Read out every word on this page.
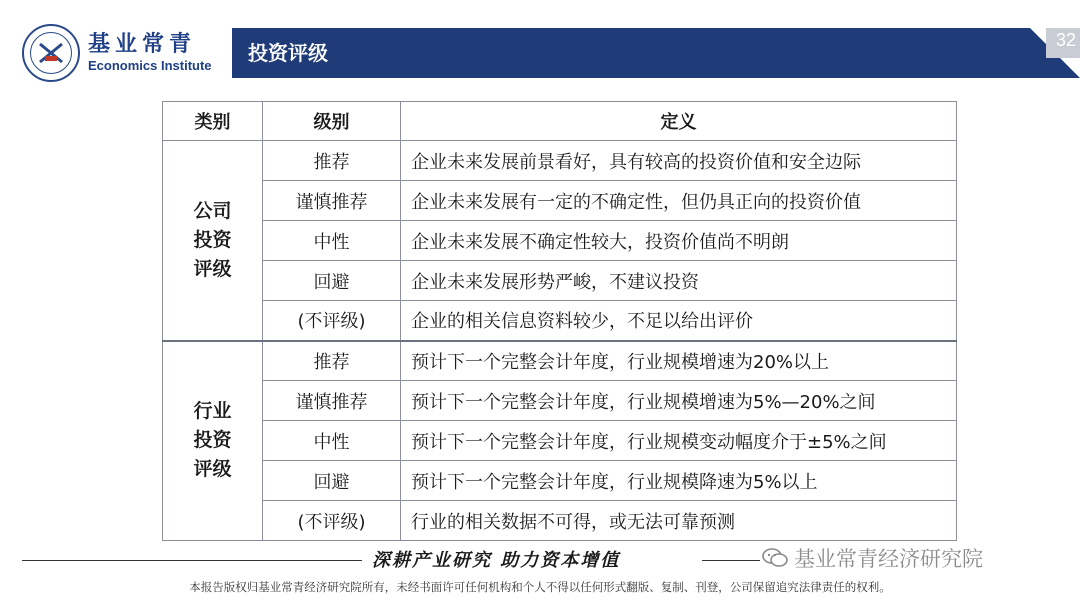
基业常青
Economics Institute
投资评级
32
类别	级别	定义

公司
投资
评级	推荐	企业未来发展前景看好，具有较高的投资价值和安全边际
	谨慎推荐	企业未来发展有一定的不确定性，但仍具正向的投资价值
	中性	企业未来发展不确定性较大，投资价值尚不明朗
	回避	企业未来发展形势严峻，不建议投资
	(不评级)	企业的相关信息资料较少，不足以给出评价

行业
投资
评级	推荐	预计下一个完整会计年度，行业规模增速为20%以上
	谨慎推荐	预计下一个完整会计年度，行业规模增速为5%—20%之间
	中性	预计下一个完整会计年度，行业规模变动幅度介于±5%之间
	回避	预计下一个完整会计年度，行业规模降速为5%以上
	(不评级)	行业的相关数据不可得，或无法可靠预测
深耕产业研究 助力资本增值	基业常青经济研究院
本报告版权归基业常青经济研究院所有，未经书面许可任何机构和个人不得以任何形式翻版、复制、刊登，公司保留追究法律责任的权利。
